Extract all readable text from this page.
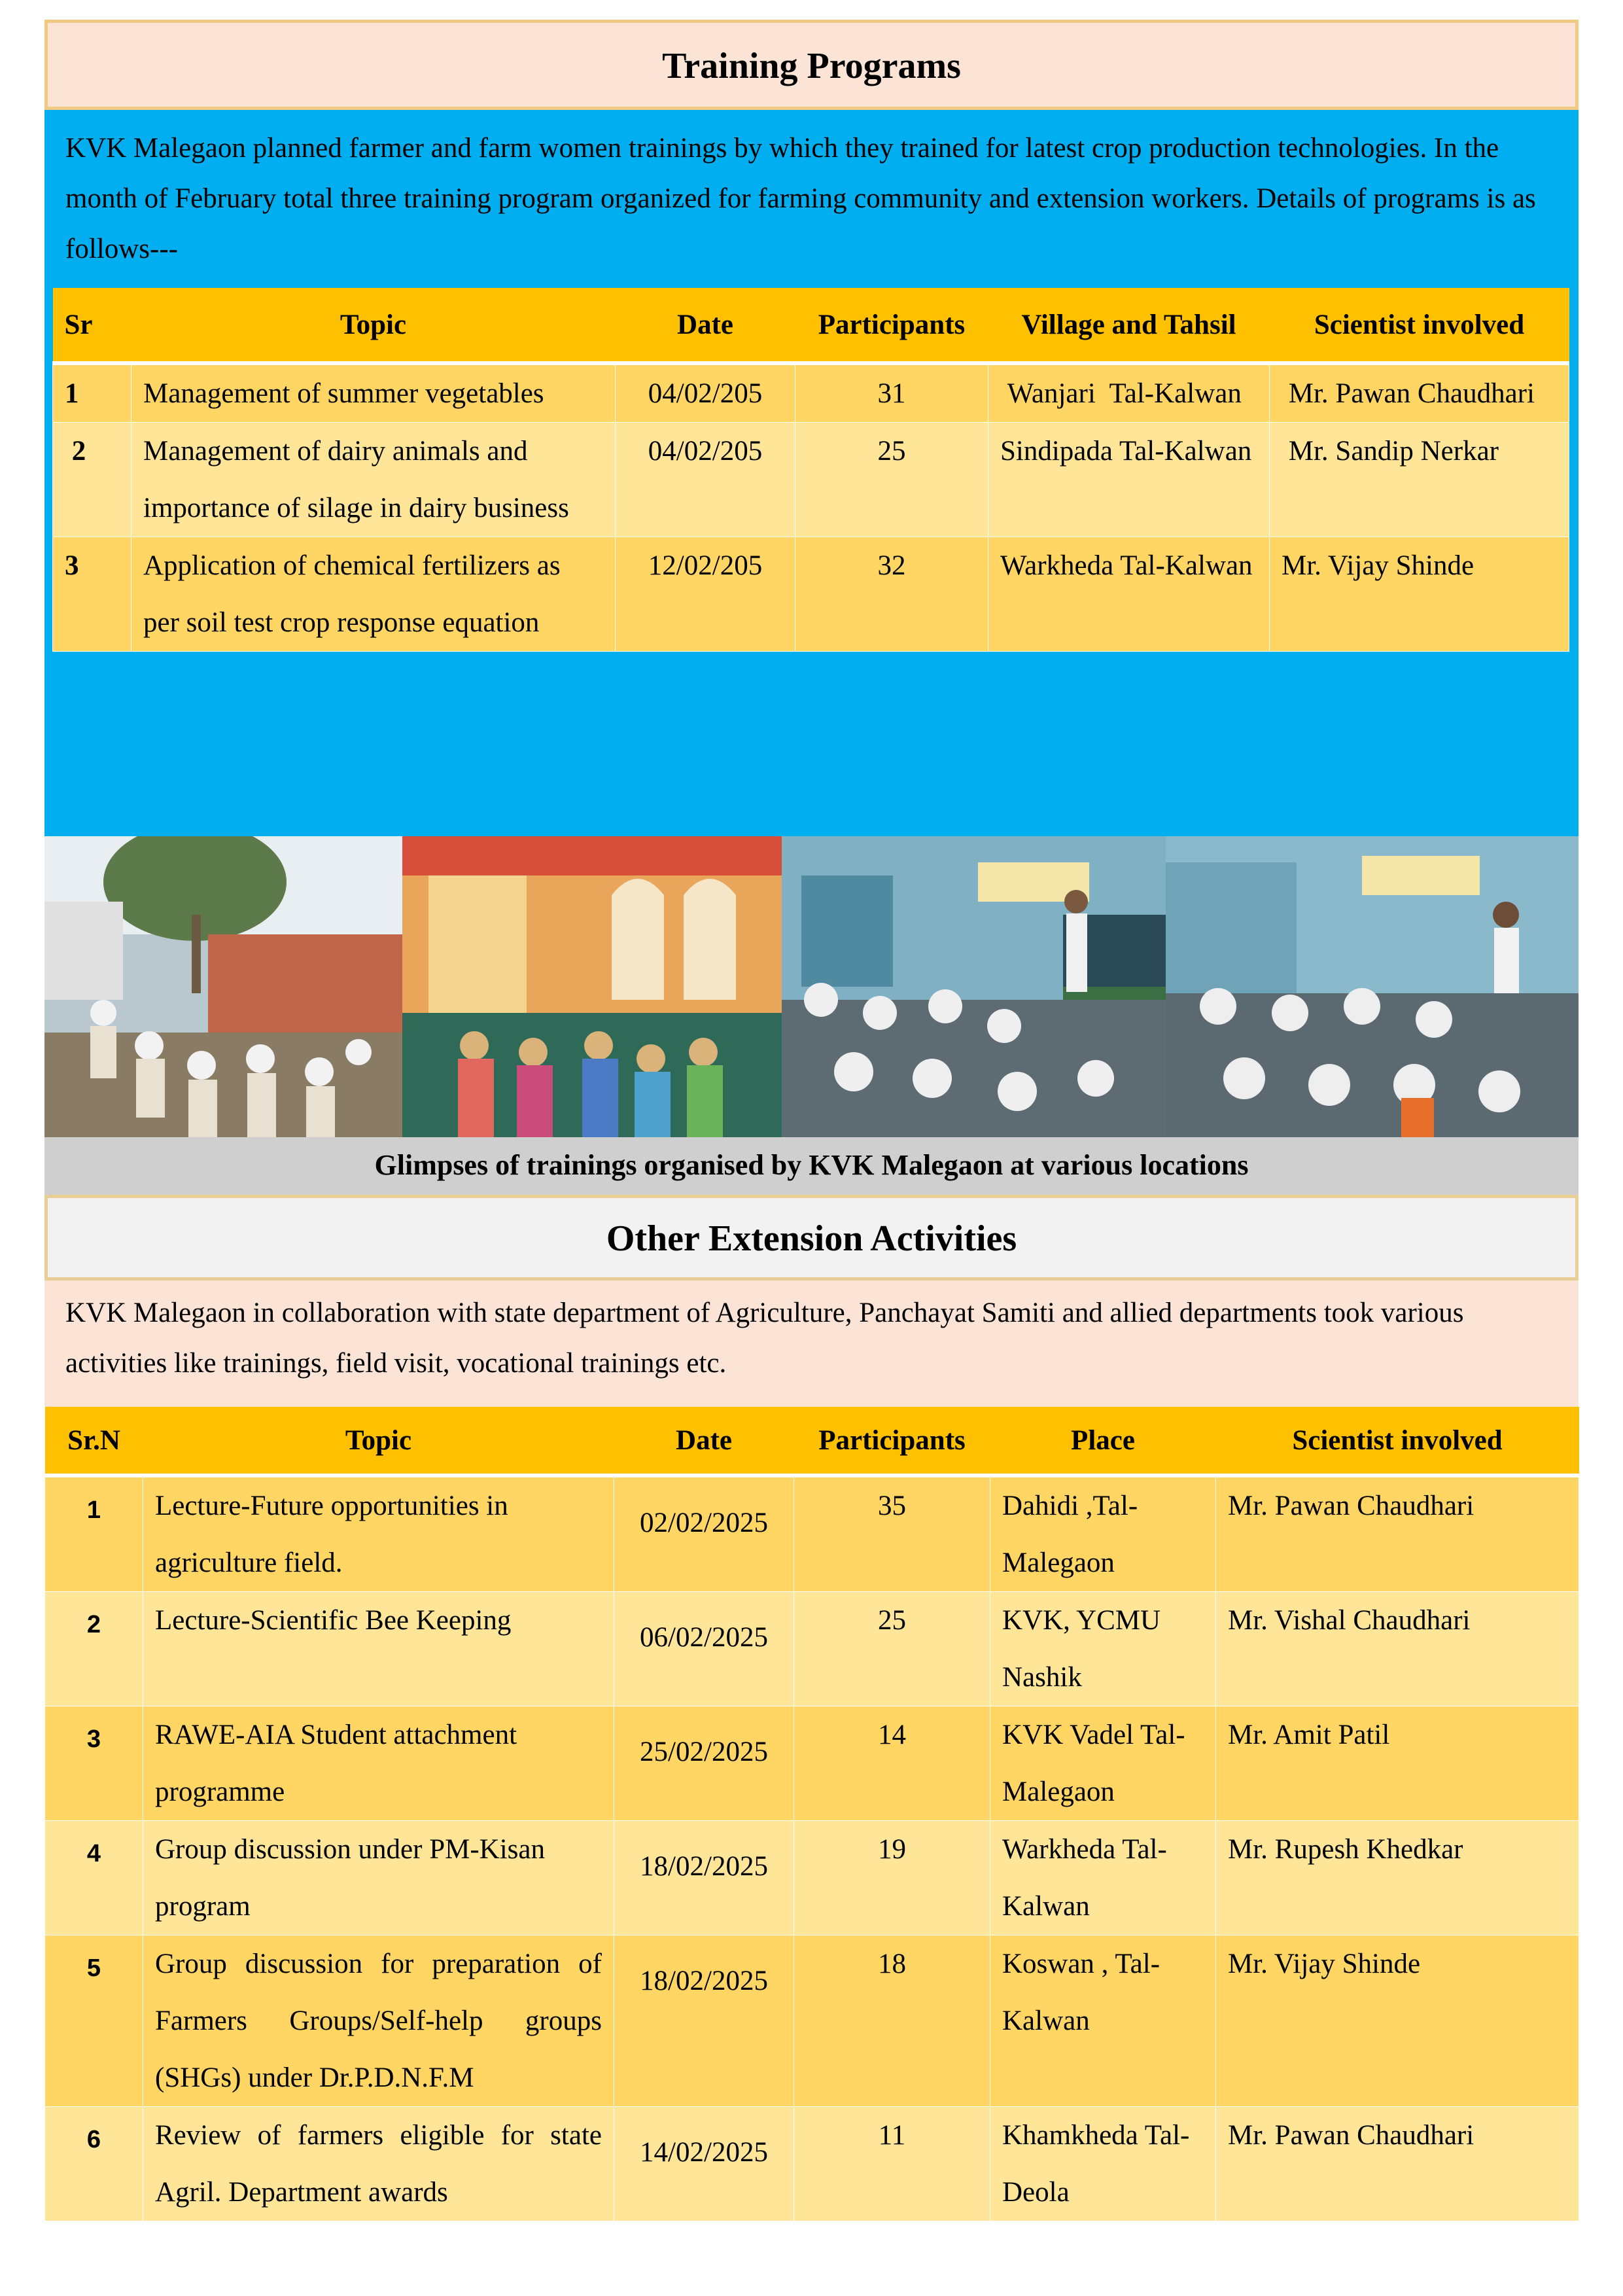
Training Programs
KVK Malegaon planned farmer and farm women trainings by which they trained for latest crop production technologies. In the month of February total three training program organized for farming community and extension workers. Details of programs is as follows---
Sr	Topic	Date	Participants	Village and Tahsil	Scientist involved
1	Management of summer vegetables	04/02/205	31	Wanjari  Tal-Kalwan	Mr. Pawan Chaudhari
2	Management of dairy animals and importance of silage in dairy business	04/02/205	25	Sindipada Tal-Kalwan	Mr. Sandip Nerkar
3	Application of chemical fertilizers as per soil test crop response equation	12/02/205	32	Warkheda Tal-Kalwan	Mr. Vijay Shinde
Glimpses of trainings organised by KVK Malegaon at various locations
Other Extension Activities
KVK Malegaon in collaboration with state department of Agriculture, Panchayat Samiti and allied departments took various activities like trainings, field visit, vocational trainings etc.
Sr.N	Topic	Date	Participants	Place	Scientist involved
1	Lecture-Future opportunities in agriculture field.	02/02/2025	35	Dahidi ,Tal-Malegaon	Mr. Pawan Chaudhari
2	Lecture-Scientific Bee Keeping	06/02/2025	25	KVK, YCMU Nashik	Mr. Vishal Chaudhari
3	RAWE-AIA Student attachment programme	25/02/2025	14	KVK Vadel Tal- Malegaon	Mr. Amit Patil
4	Group discussion under PM-Kisan program	18/02/2025	19	Warkheda Tal-Kalwan	Mr. Rupesh Khedkar
5	Group discussion for preparation of Farmers Groups/Self-help groups (SHGs) under Dr.P.D.N.F.M	18/02/2025	18	Koswan , Tal-Kalwan	Mr. Vijay Shinde
6	Review of farmers eligible for state Agril. Department awards	14/02/2025	11	Khamkheda Tal-Deola	Mr. Pawan Chaudhari
